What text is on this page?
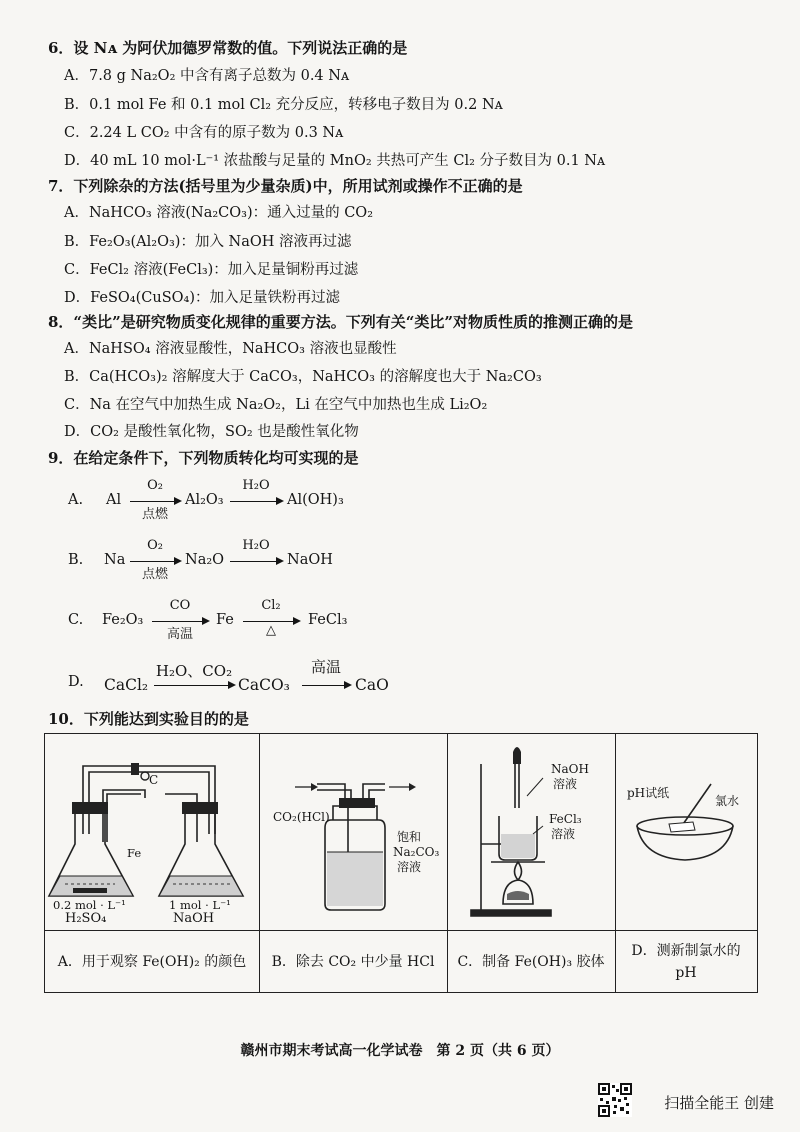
6．设 Nᴀ 为阿伏加德罗常数的值。下列说法正确的是
A．7.8 g Na₂O₂ 中含有离子总数为 0.4 Nᴀ
B．0.1 mol Fe 和 0.1 mol Cl₂ 充分反应，转移电子数目为 0.2 Nᴀ
C．2.24 L CO₂ 中含有的原子数为 0.3 Nᴀ
D．40 mL 10 mol·L⁻¹ 浓盐酸与足量的 MnO₂ 共热可产生 Cl₂ 分子数目为 0.1 Nᴀ
7．下列除杂的方法(括号里为少量杂质)中，所用试剂或操作不正确的是
A．NaHCO₃ 溶液(Na₂CO₃)：通入过量的 CO₂
B．Fe₂O₃(Al₂O₃)：加入 NaOH 溶液再过滤
C．FeCl₂ 溶液(FeCl₃)：加入足量铜粉再过滤
D．FeSO₄(CuSO₄)：加入足量铁粉再过滤
8．“类比”是研究物质变化规律的重要方法。下列有关“类比”对物质性质的推测正确的是
A．NaHSO₄ 溶液显酸性，NaHCO₃ 溶液也显酸性
B．Ca(HCO₃)₂ 溶解度大于 CaCO₃，NaHCO₃ 的溶解度也大于 Na₂CO₃
C．Na 在空气中加热生成 Na₂O₂，Li 在空气中加热也生成 Li₂O₂
D．CO₂ 是酸性氧化物，SO₂ 也是酸性氧化物
9．在给定条件下，下列物质转化均可实现的是
A. Al
O₂
点燃
Al₂O₃
H₂O
Al(OH)₃
B. Na
O₂
点燃
Na₂O
H₂O
NaOH
C. Fe₂O₃
CO
高温
Fe
Cl₂
△
FeCl₃
D. CaCl₂
H₂O、CO₂
CaCO₃
高温
CaO
10．下列能达到实验目的的是
C
Fe
0.2 mol · L⁻¹
H₂SO₄
1 mol · L⁻¹
NaOH
A．用于观察 Fe(OH)₂ 的颜色
CO₂(HCl)
饱和
Na₂CO₃
溶液
B．除去 CO₂ 中少量 HCl
NaOH
溶液
FeCl₃
溶液
C．制备 Fe(OH)₃ 胶体
pH试纸
氯水
D．测新制氯水的
pH
赣州市期末考试高一化学试卷　第 2 页（共 6 页）
扫描全能王 创建
